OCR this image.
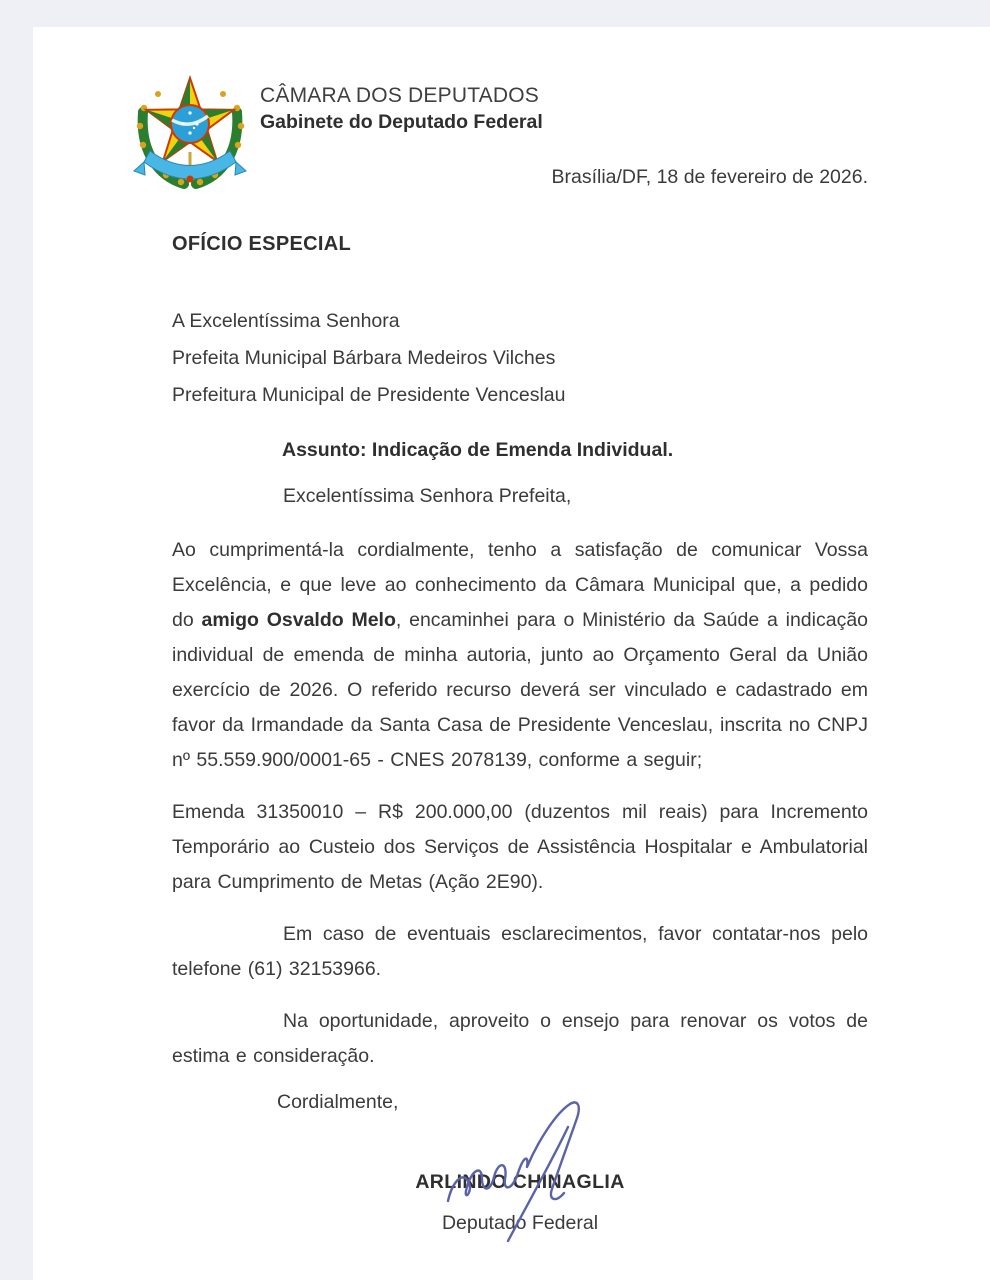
CÂMARA DOS DEPUTADOS
Gabinete do Deputado Federal
Brasília/DF, 18 de fevereiro de 2026.
OFÍCIO ESPECIAL
A Excelentíssima Senhora
Prefeita Municipal Bárbara Medeiros Vilches
Prefeitura Municipal de Presidente Venceslau
Assunto: Indicação de Emenda Individual.
Excelentíssima Senhora Prefeita,

Ao cumprimentá-la cordialmente, tenho a satisfação de comunicar Vossa Excelência, e que leve ao conhecimento da Câmara Municipal que, a pedido do amigo Osvaldo Melo, encaminhei para o Ministério da Saúde a indicação individual de emenda de minha autoria, junto ao Orçamento Geral da União exercício de 2026. O referido recurso deverá ser vinculado e cadastrado em favor da Irmandade da Santa Casa de Presidente Venceslau, inscrita no CNPJ nº 55.559.900/0001-65 - CNES 2078139, conforme a seguir;

Emenda 31350010 – R$ 200.000,00 (duzentos mil reais) para Incremento Temporário ao Custeio dos Serviços de Assistência Hospitalar e Ambulatorial para Cumprimento de Metas (Ação 2E90).

Em caso de eventuais esclarecimentos, favor contatar-nos pelo telefone (61) 32153966.

Na oportunidade, aproveito o ensejo para renovar os votos de estima e consideração.

Cordialmente,
ARLINDO CHINAGLIA
Deputado Federal
